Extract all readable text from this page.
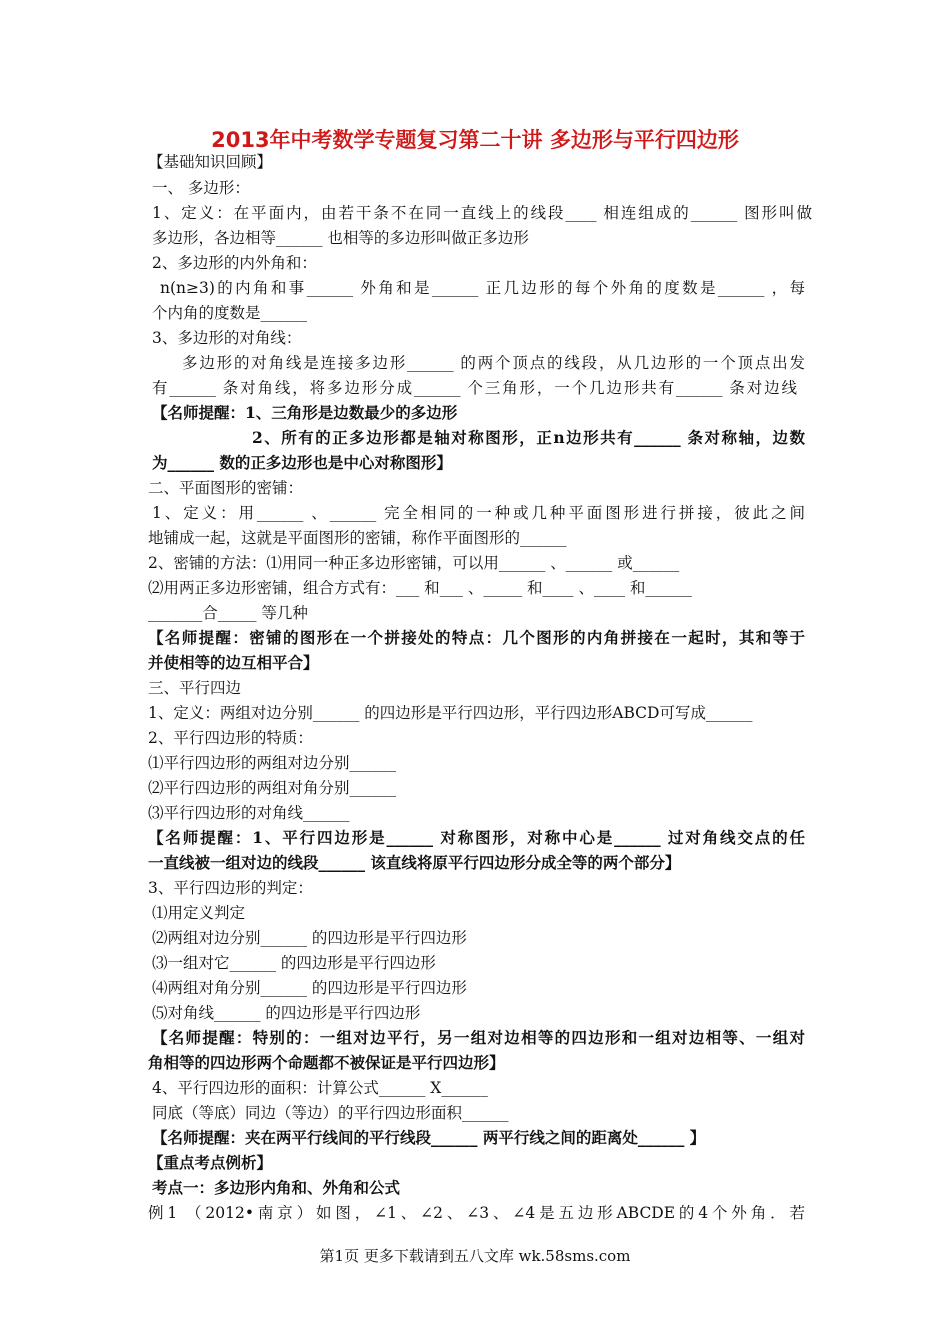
2013年中考数学专题复习第二十讲 多边形与平行四边形
【基础知识回顾】
一、 多边形：
1、定义：在平面内，由若干条不在同一直线上的线段____ 相连组成的______ 图形叫做
多边形，各边相等______ 也相等的多边形叫做正多边形
2、多边形的内外角和：
n(n≥3)的内角和事______ 外角和是______ 正几边形的每个外角的度数是______ ，每
个内角的度数是______
3、多边形的对角线：
多边形的对角线是连接多边形______ 的两个顶点的线段，从几边形的一个顶点出发
有______ 条对角线，将多边形分成______ 个三角形，一个几边形共有______ 条对边线
【名师提醒：1、三角形是边数最少的多边形
2、所有的正多边形都是轴对称图形，正n边形共有______ 条对称轴，边数
为______ 数的正多边形也是中心对称图形】
二、平面图形的密铺：
1、定义：用______ 、______ 完全相同的一种或几种平面图形进行拼接，彼此之间
地铺成一起，这就是平面图形的密铺，称作平面图形的______
2、密铺的方法：⑴用同一种正多边形密铺，可以用______ 、______ 或______
⑵用两正多边形密铺，组合方式有：___ 和___ 、_____ 和____ 、____ 和______
_______合_____ 等几种
【名师提醒：密铺的图形在一个拼接处的特点：几个图形的内角拼接在一起时，其和等于
并使相等的边互相平合】
三、平行四边
1、定义：两组对边分别______ 的四边形是平行四边形，平行四边形ABCD可写成______
2、平行四边形的特质：
⑴平行四边形的两组对边分别______
⑵平行四边形的两组对角分别______
⑶平行四边形的对角线______
【名师提醒：1、平行四边形是______ 对称图形，对称中心是______ 过对角线交点的任
一直线被一组对边的线段______ 该直线将原平行四边形分成全等的两个部分】
3、平行四边形的判定：
⑴用定义判定
⑵两组对边分别______ 的四边形是平行四边形
⑶一组对它______ 的四边形是平行四边形
⑷两组对角分别______ 的四边形是平行四边形
⑸对角线______ 的四边形是平行四边形
【名师提醒：特别的：一组对边平行，另一组对边相等的四边形和一组对边相等、一组对
角相等的四边形两个命题都不被保证是平行四边形】
4、平行四边形的面积：计算公式______ X______
同底（等底）同边（等边）的平行四边形面积______
【名师提醒：夹在两平行线间的平行线段______ 两平行线之间的距离处______ 】
【重点考点例析】
考点一：多边形内角和、外角和公式
例1 （2012•南京）如图，∠1、∠2、∠3、∠4是五边形ABCDE的4个外角．若
第1页 更多下载请到五八文库 wk.58sms.com
